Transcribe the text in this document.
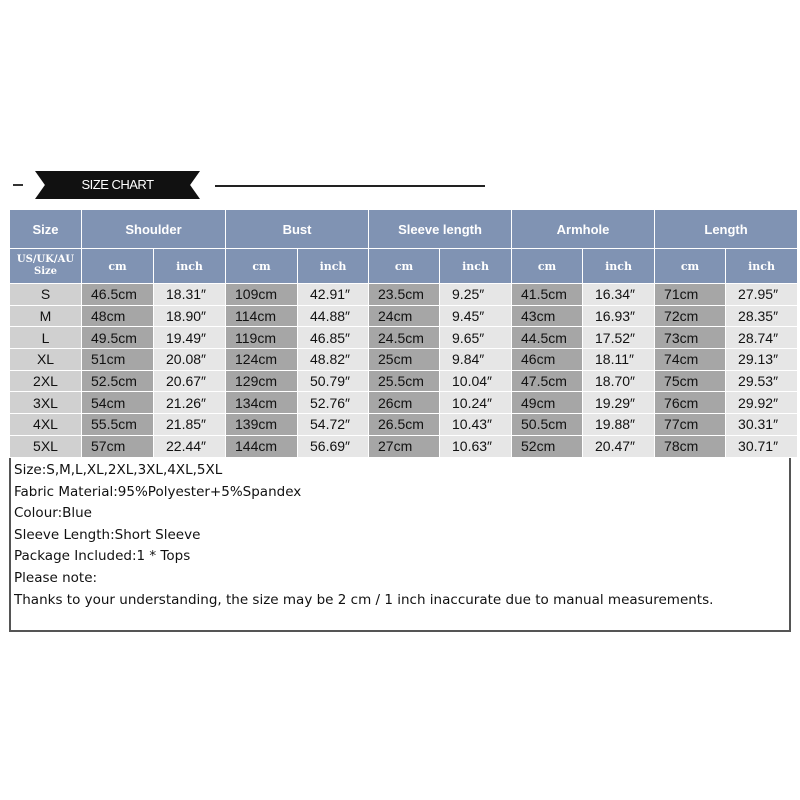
SIZE CHART
Size	Shoulder		Bust		Sleeve length		Armhole		Length	

US/UK/AU
Size	cm	inch	cm	inch	cm	inch	cm	inch	cm	inch
S	46.5cm	18.31″	109cm	42.91″	23.5cm	9.25″	41.5cm	16.34″	71cm	27.95″
M	48cm	18.90″	114cm	44.88″	24cm	9.45″	43cm	16.93″	72cm	28.35″
L	49.5cm	19.49″	119cm	46.85″	24.5cm	9.65″	44.5cm	17.52″	73cm	28.74″
XL	51cm	20.08″	124cm	48.82″	25cm	9.84″	46cm	18.11″	74cm	29.13″
2XL	52.5cm	20.67″	129cm	50.79″	25.5cm	10.04″	47.5cm	18.70″	75cm	29.53″
3XL	54cm	21.26″	134cm	52.76″	26cm	10.24″	49cm	19.29″	76cm	29.92″
4XL	55.5cm	21.85″	139cm	54.72″	26.5cm	10.43″	50.5cm	19.88″	77cm	30.31″
5XL	57cm	22.44″	144cm	56.69″	27cm	10.63″	52cm	20.47″	78cm	30.71″
Size:S,M,L,XL,2XL,3XL,4XL,5XL
Fabric Material:95%Polyester+5%Spandex
Colour:Blue
Sleeve Length:Short Sleeve
Package Included:1 * Tops
Please note:
Thanks to your understanding, the size may be 2 cm / 1 inch inaccurate due to manual measurements.
